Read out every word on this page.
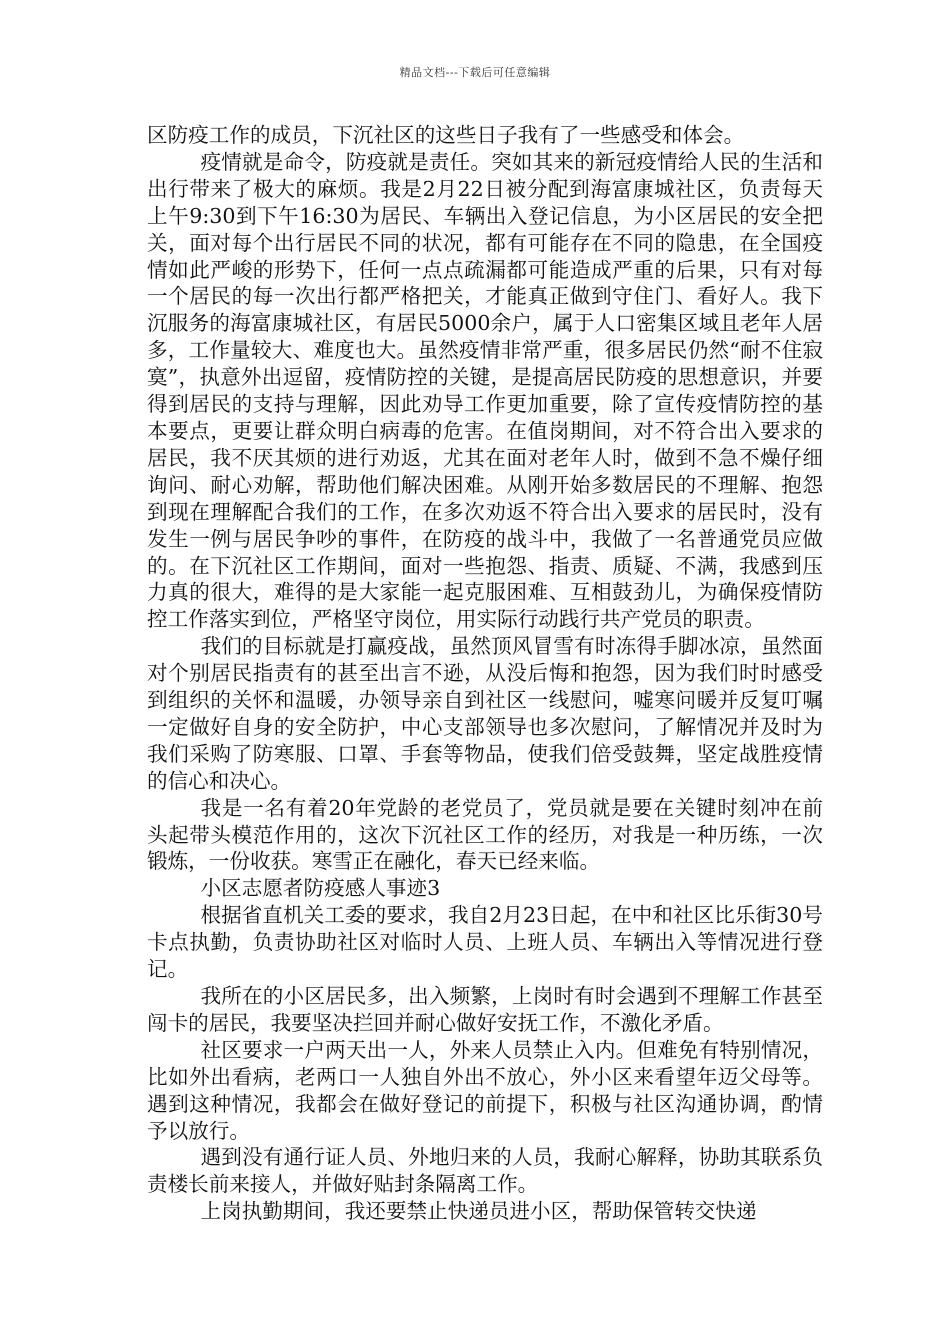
精品文档---下载后可任意编辑

区防疫工作的成员，下沉社区的这些日子我有了一些感受和体会。

疫情就是命令，防疫就是责任。突如其来的新冠疫情给人民的生活和出行带来了极大的麻烦。我是2月22日被分配到海富康城社区，负责每天上午9:30到下午16:30为居民、车辆出入登记信息，为小区居民的安全把关，面对每个出行居民不同的状况，都有可能存在不同的隐患，在全国疫情如此严峻的形势下，任何一点点疏漏都可能造成严重的后果，只有对每一个居民的每一次出行都严格把关，才能真正做到守住门、看好人。我下沉服务的海富康城社区，有居民5000余户，属于人口密集区域且老年人居多，工作量较大、难度也大。虽然疫情非常严重，很多居民仍然“耐不住寂寞”，执意外出逗留，疫情防控的关键，是提高居民防疫的思想意识，并要得到居民的支持与理解，因此劝导工作更加重要，除了宣传疫情防控的基本要点，更要让群众明白病毒的危害。在值岗期间，对不符合出入要求的居民，我不厌其烦的进行劝返，尤其在面对老年人时，做到不急不燥仔细询问、耐心劝解，帮助他们解决困难。从刚开始多数居民的不理解、抱怨到现在理解配合我们的工作，在多次劝返不符合出入要求的居民时，没有发生一例与居民争吵的事件，在防疫的战斗中，我做了一名普通党员应做的。在下沉社区工作期间，面对一些抱怨、指责、质疑、不满，我感到压力真的很大，难得的是大家能一起克服困难、互相鼓劲儿，为确保疫情防控工作落实到位，严格坚守岗位，用实际行动践行共产党员的职责。

我们的目标就是打赢疫战，虽然顶风冒雪有时冻得手脚冰凉，虽然面对个别居民指责有的甚至出言不逊，从没后悔和抱怨，因为我们时时感受到组织的关怀和温暖，办领导亲自到社区一线慰问，嘘寒问暖并反复叮嘱一定做好自身的安全防护，中心支部领导也多次慰问，了解情况并及时为我们采购了防寒服、口罩、手套等物品，使我们倍受鼓舞，坚定战胜疫情的信心和决心。

我是一名有着20年党龄的老党员了，党员就是要在关键时刻冲在前头起带头模范作用的，这次下沉社区工作的经历，对我是一种历练，一次锻炼，一份收获。寒雪正在融化，春天已经来临。

小区志愿者防疫感人事迹3

根据省直机关工委的要求，我自2月23日起，在中和社区比乐街30号卡点执勤，负责协助社区对临时人员、上班人员、车辆出入等情况进行登记。

我所在的小区居民多，出入频繁，上岗时有时会遇到不理解工作甚至闯卡的居民，我要坚决拦回并耐心做好安抚工作，不激化矛盾。

社区要求一户两天出一人，外来人员禁止入内。但难免有特别情况，比如外出看病，老两口一人独自外出不放心，外小区来看望年迈父母等。遇到这种情况，我都会在做好登记的前提下，积极与社区沟通协调，酌情予以放行。

遇到没有通行证人员、外地归来的人员，我耐心解释，协助其联系负责楼长前来接人，并做好贴封条隔离工作。

上岗执勤期间，我还要禁止快递员进小区，帮助保管转交快递
